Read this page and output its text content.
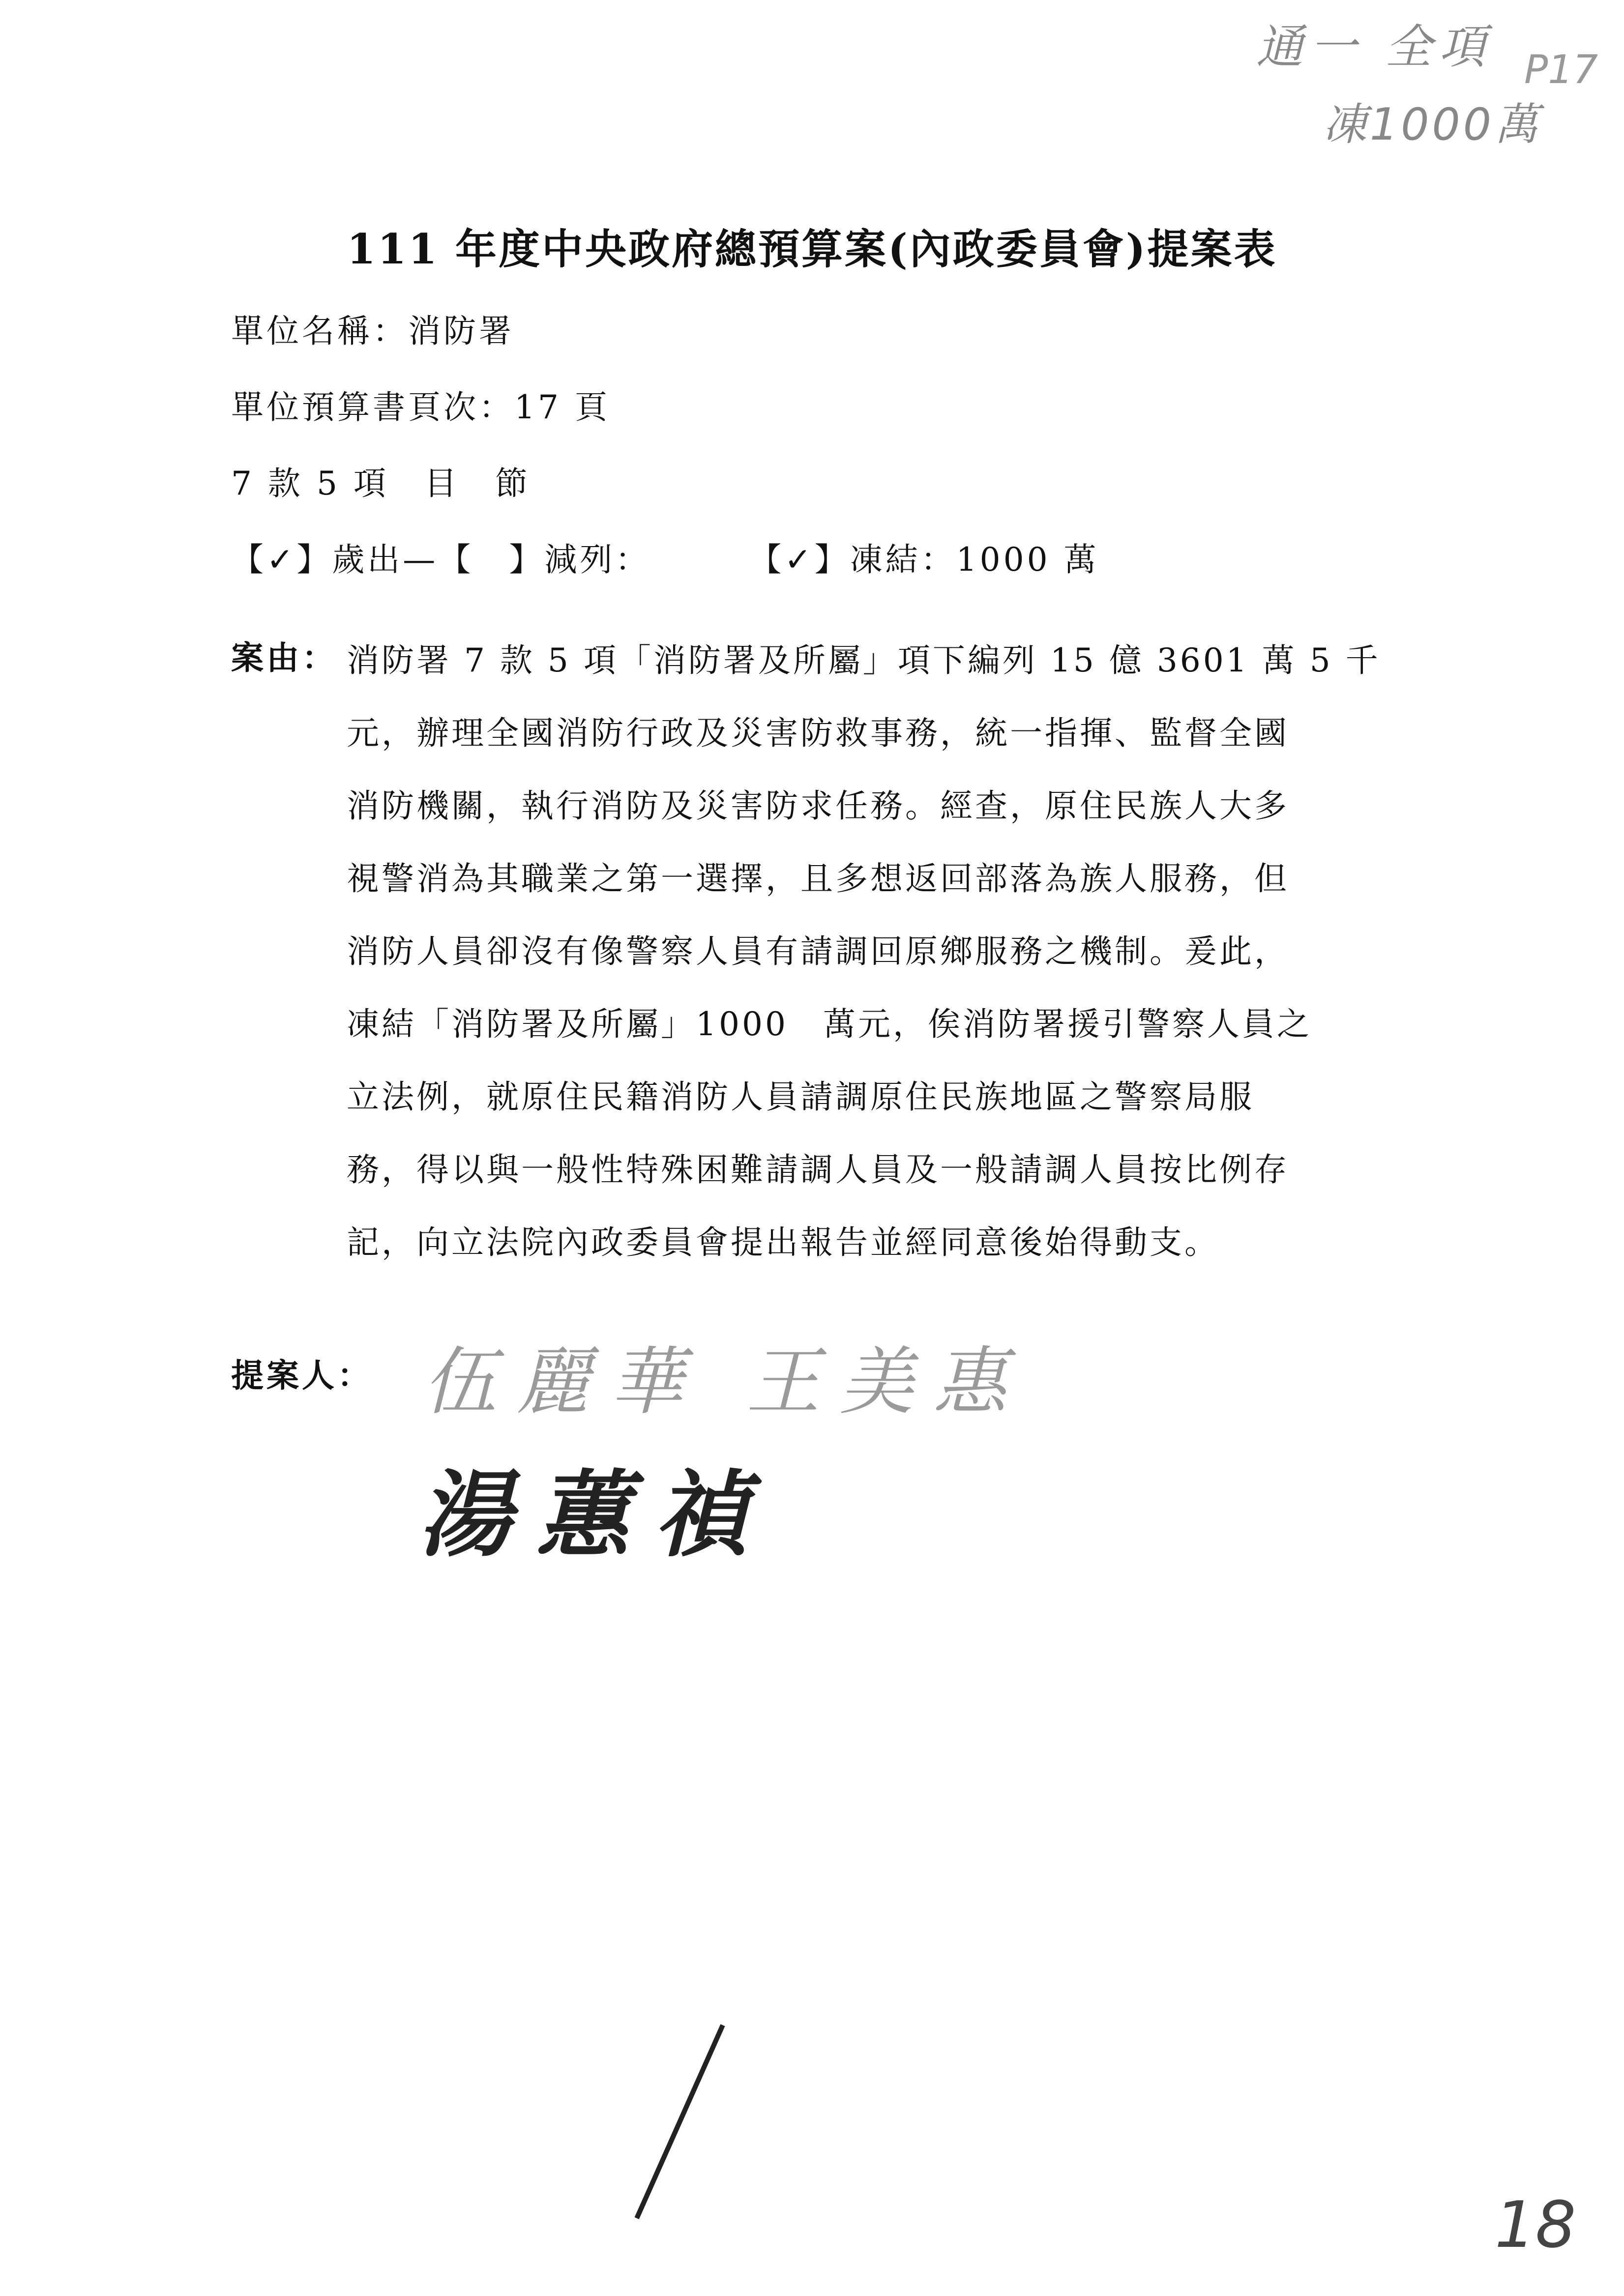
通一 全項 P17
凍1000萬
111 年度中央政府總預算案(內政委員會)提案表
單位名稱：消防署
單位預算書頁次：17 頁
7 款 5 項　目　節
【✓】歲出—【　】減列：	【✓】凍結：1000 萬
案由： 消防署 7 款 5 項「消防署及所屬」項下編列 15 億 3601 萬 5 千
元，辦理全國消防行政及災害防救事務，統一指揮、監督全國
消防機關，執行消防及災害防求任務。經查，原住民族人大多
視警消為其職業之第一選擇，且多想返回部落為族人服務，但
消防人員卻沒有像警察人員有請調回原鄉服務之機制。爰此，
凍結「消防署及所屬」1000　萬元，俟消防署援引警察人員之
立法例，就原住民籍消防人員請調原住民族地區之警察局服
務，得以與一般性特殊困難請調人員及一般請調人員按比例存
記，向立法院內政委員會提出報告並經同意後始得動支。
提案人： 伍麗華 王美惠
湯蕙禎
18
